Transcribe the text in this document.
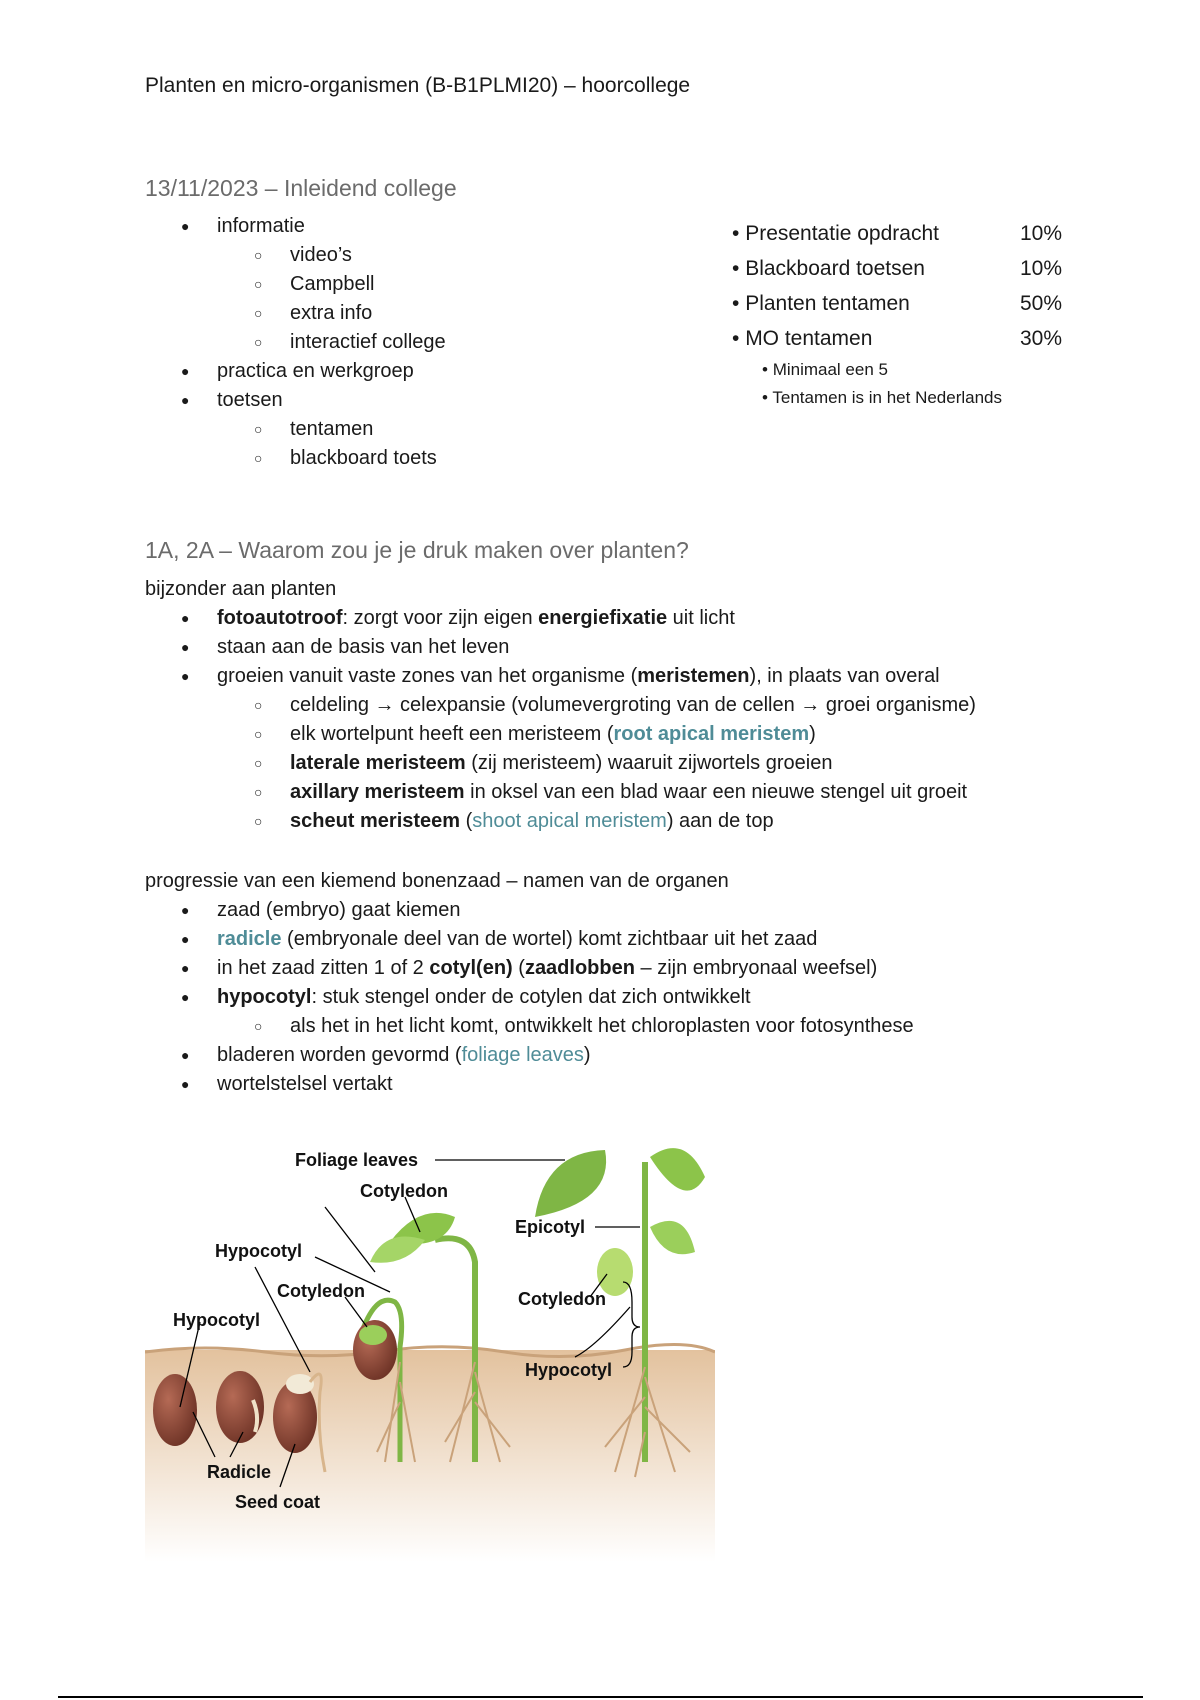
Planten en micro-organismen (B-B1PLMI20) – hoorcollege
13/11/2023 – Inleidend college
● informatie
○ video’s
○ Campbell
○ extra info
○ interactief college
● practica en werkgroep
● toetsen
○ tentamen
○ blackboard toets
• Presentatie opdracht	10%
• Blackboard toetsen	10%
• Planten tentamen	50%
• MO tentamen	30%
• Minimaal een 5
• Tentamen is in het Nederlands
1A, 2A – Waarom zou je je druk maken over planten?
bijzonder aan planten
● fotoautotroof: zorgt voor zijn eigen energiefixatie uit licht
● staan aan de basis van het leven
● groeien vanuit vaste zones van het organisme (meristemen), in plaats van overal
○ celdeling → celexpansie (volumevergroting van de cellen → groei organisme)
○ elk wortelpunt heeft een meristeem (root apical meristem)
○ laterale meristeem (zij meristeem) waaruit zijwortels groeien
○ axillary meristeem in oksel van een blad waar een nieuwe stengel uit groeit
○ scheut meristeem (shoot apical meristem) aan de top
progressie van een kiemend bonenzaad – namen van de organen
● zaad (embryo) gaat kiemen
● radicle (embryonale deel van de wortel) komt zichtbaar uit het zaad
● in het zaad zitten 1 of 2 cotyl(en) (zaadlobben – zijn embryonaal weefsel)
● hypocotyl: stuk stengel onder de cotylen dat zich ontwikkelt
○ als het in het licht komt, ontwikkelt het chloroplasten voor fotosynthese
● bladeren worden gevormd (foliage leaves)
● wortelstelsel vertakt
Foliage leaves
Cotyledon
Epicotyl
Hypocotyl
Cotyledon	Cotyledon
Hypocotyl
Hypocotyl
Radicle
Seed coat
